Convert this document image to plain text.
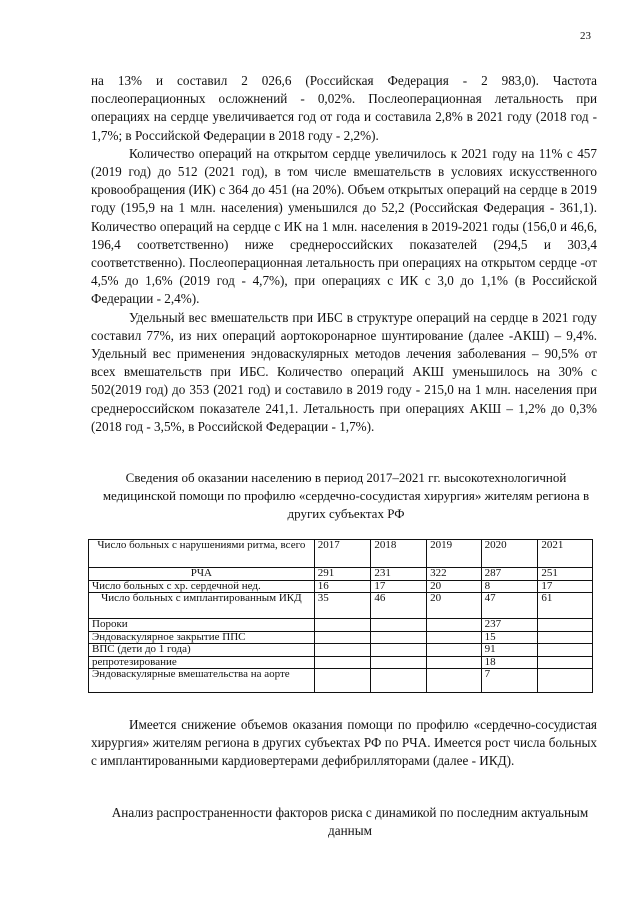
23

на 13% и составил 2 026,6 (Российская Федерация - 2 983,0). Частота послеоперационных осложнений - 0,02%. Послеоперационная летальность при операциях на сердце увеличивается год от года и составила 2,8% в 2021 году (2018 год - 1,7%; в Российской Федерации в 2018 году - 2,2%).

Количество операций на открытом сердце увеличилось к 2021 году на 11% с 457 (2019 год) до 512 (2021 год), в том числе вмешательств в условиях искусственного кровообращения (ИК) с 364 до 451 (на 20%). Объем открытых операций на сердце в 2019 году (195,9 на 1 млн. населения) уменьшился до 52,2 (Российская Федерация - 361,1). Количество операций на сердце с ИК на 1 млн. населения в 2019-2021 годы (156,0 и 46,6, 196,4 соответственно) ниже среднероссийских показателей (294,5 и 303,4 соответственно). Послеоперационная летальность при операциях на открытом сердце -от 4,5% до 1,6% (2019 год - 4,7%), при операциях с ИК с 3,0 до 1,1% (в Российской Федерации - 2,4%).

Удельный вес вмешательств при ИБС в структуре операций на сердце в 2021 году составил 77%, из них операций аортокоронарное шунтирование (далее -АКШ) – 9,4%. Удельный вес применения эндоваскулярных методов лечения заболевания – 90,5% от всех вмешательств при ИБС. Количество операций АКШ уменьшилось на 30% с 502(2019 год) до 353 (2021 год) и составило в 2019 году - 215,0 на 1 млн. населения при среднероссийском показателе 241,1. Летальность при операциях АКШ – 1,2% до 0,3% (2018 год - 3,5%, в Российской Федерации - 1,7%).

Сведения об оказании населению в период 2017–2021 гг. высокотехнологичной медицинской помощи по профилю «сердечно-сосудистая хирургия» жителям региона в других субъектах РФ
Число больных с нарушениями ритма, всего	2017	2018	2019	2020	2021
РЧА	291	231	322	287	251
Число больных с хр. сердечной нед.	16	17	20	8	17
Число больных с имплантированным ИКД	35	46	20	47	61
Пороки				237	
Эндоваскулярное закрытие ППС				15	
ВПС (дети до 1 года)				91	
репротезирование				18	
Эндоваскулярные вмешательства на аорте				7	

Имеется снижение объемов оказания помощи по профилю «сердечно-сосудистая хирургия» жителям региона в других субъектах РФ по РЧА. Имеется рост числа больных с имплантированными кардиовертерами дефибрилляторами (далее - ИКД).

Анализ распространенности факторов риска с динамикой по последним актуальным данным
